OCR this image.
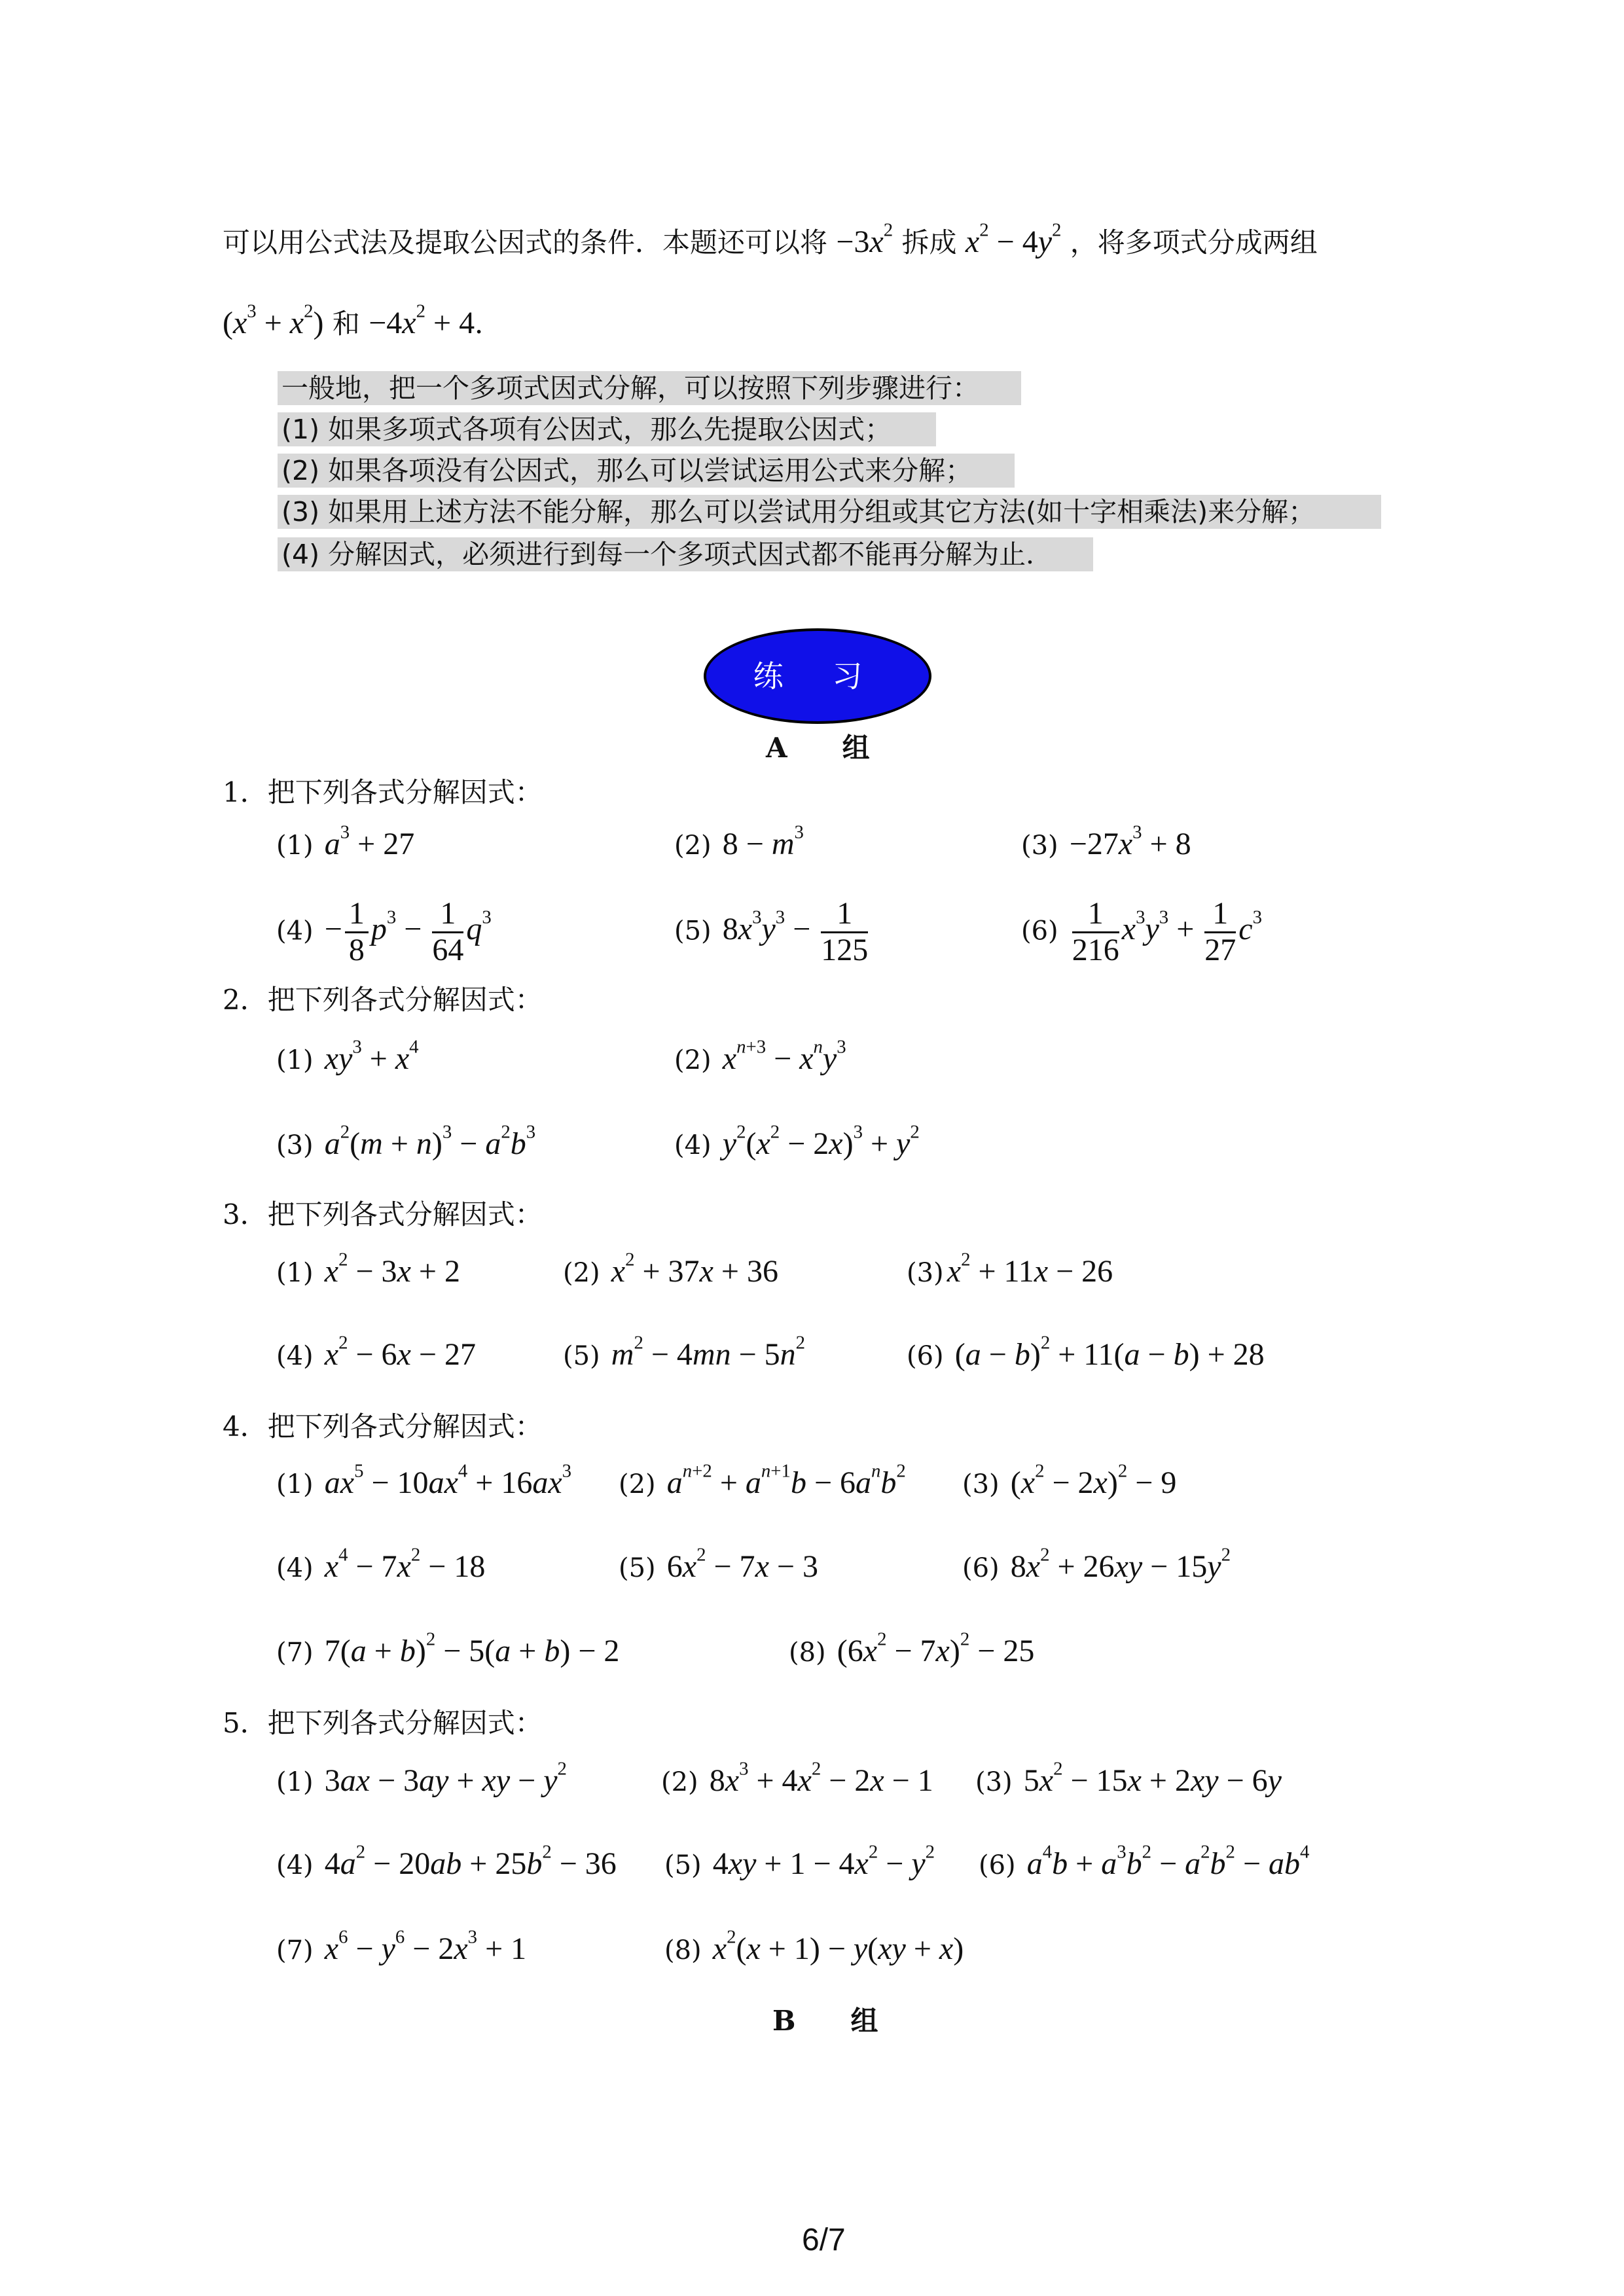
可以用公式法及提取公因式的条件．本题还可以将 $-3x^2$ 拆成 $x^2 - 4y^2$ ，将多项式分成两组
$(x^3 + x^2)$ 和 $-4x^2 + 4$．
一般地，把一个多项式因式分解，可以按照下列步骤进行：
(1) 如果多项式各项有公因式，那么先提取公因式；
(2) 如果各项没有公因式，那么可以尝试运用公式来分解；
(3) 如果用上述方法不能分解，那么可以尝试用分组或其它方法(如十字相乘法)来分解；
(4) 分解因式，必须进行到每一个多项式因式都不能再分解为止．
练 习
A　　组
1．把下列各式分解因式：
(1) $a^3 + 27$	(2)  $8 - m^3$	$(3) -27x^3 + 8$
$(4) - \frac{1}{8} p^3 - \frac{1}{64} q^3$	(5)  $8x^3y^3 - \frac{1}{125}$	$(6) \frac{1}{216} x^3y^3 + \frac{1}{27} c^3$
2．把下列各式分解因式：
(1) $xy^3 + x^4$	(2) $x^{n+3} - x^ny^3$
(3) $a^2(m + n)^3 - a^2b^3$	(4) $y^2(x^2 - 2x)^3 + y^2$
3．把下列各式分解因式：
(1) $x^2 - 3x + 2$	(2) $x^2 + 37x + 36$	(3) $x^2 + 11x - 26$
(4) $x^2 - 6x - 27$	(5) $m^2 - 4mn - 5n^2$	(6)  $(a - b)^2 + 11(a - b) + 28$
4．把下列各式分解因式：
(1) $ax^5 - 10ax^4 + 16ax^3$ (2) $a^{n+2} + a^{n+1}b - 6a^nb^2$ (3)  $(x^2 - 2x)^2 - 9$
(4) $x^4 - 7x^2 - 18$	(5)  $6x^2 - 7x - 3$	(6)  $8x^2 + 26xy - 15y^2$
(7)  $7(a + b)^2 - 5(a + b) - 2$	(8)  $(6x^2 - 7x)^2 - 25$
5．把下列各式分解因式：
(1)  3ax − 3ay + xy − $y^2$	(2)  $8x^3 + 4x^2 - 2x - 1$ (3)  $5x^2 - 15x + 2xy - 6y$
(4)  $4a^2 - 20ab + 25b^2 - 36$ (5)  $4xy + 1 - 4x^2 - y^2$ (6) $a^4b + a^3b^2 - a^2b^2 - ab^4$
(7) $x^6 - y^6 - 2x^3 + 1$	(8) $x^2(x + 1) - y(xy + x)$
B　　组
6/7
